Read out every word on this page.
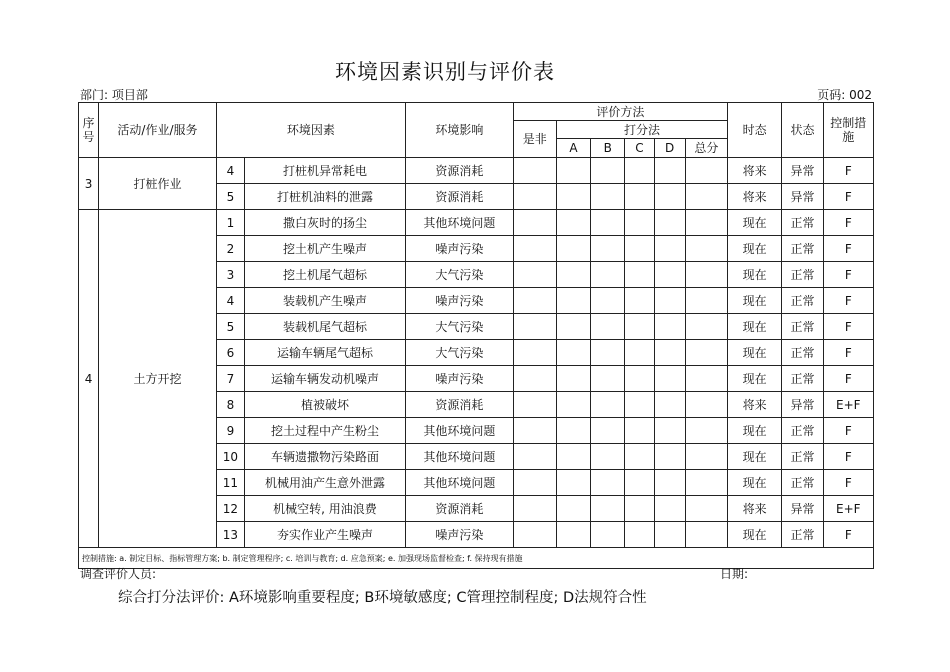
环境因素识别与评价表
部门: 项目部	页码: 002
序号	活动/作业/服务	环境因素		环境影响	评价方法						时态	状态	控制措施
					是非	打分法							
						A	B	C	D	总分			
3	打桩作业	4	打桩机异常耗电	资源消耗							将来	异常	F
		5	打桩机油料的泄露	资源消耗							将来	异常	F
4	土方开挖	1	撒白灰时的扬尘	其他环境问题							现在	正常	F
		2	挖土机产生噪声	噪声污染							现在	正常	F
		3	挖土机尾气超标	大气污染							现在	正常	F
		4	装载机产生噪声	噪声污染							现在	正常	F
		5	装载机尾气超标	大气污染							现在	正常	F
		6	运输车辆尾气超标	大气污染							现在	正常	F
		7	运输车辆发动机噪声	噪声污染							现在	正常	F
		8	植被破坏	资源消耗							将来	异常	E+F
		9	挖土过程中产生粉尘	其他环境问题							现在	正常	F
		10	车辆遗撒物污染路面	其他环境问题							现在	正常	F
		11	机械用油产生意外泄露	其他环境问题							现在	正常	F
		12	机械空转, 用油浪费	资源消耗							将来	异常	E+F
		13	夯实作业产生噪声	噪声污染							现在	正常	F
控制措施: a. 制定目标、指标管理方案; b. 制定管理程序; c. 培训与教育; d. 应急预案; e. 加强现场监督检查; f. 保持现有措施													
调查评价人员:	日期:
综合打分法评价: A环境影响重要程度; B环境敏感度; C管理控制程度; D法规符合性
